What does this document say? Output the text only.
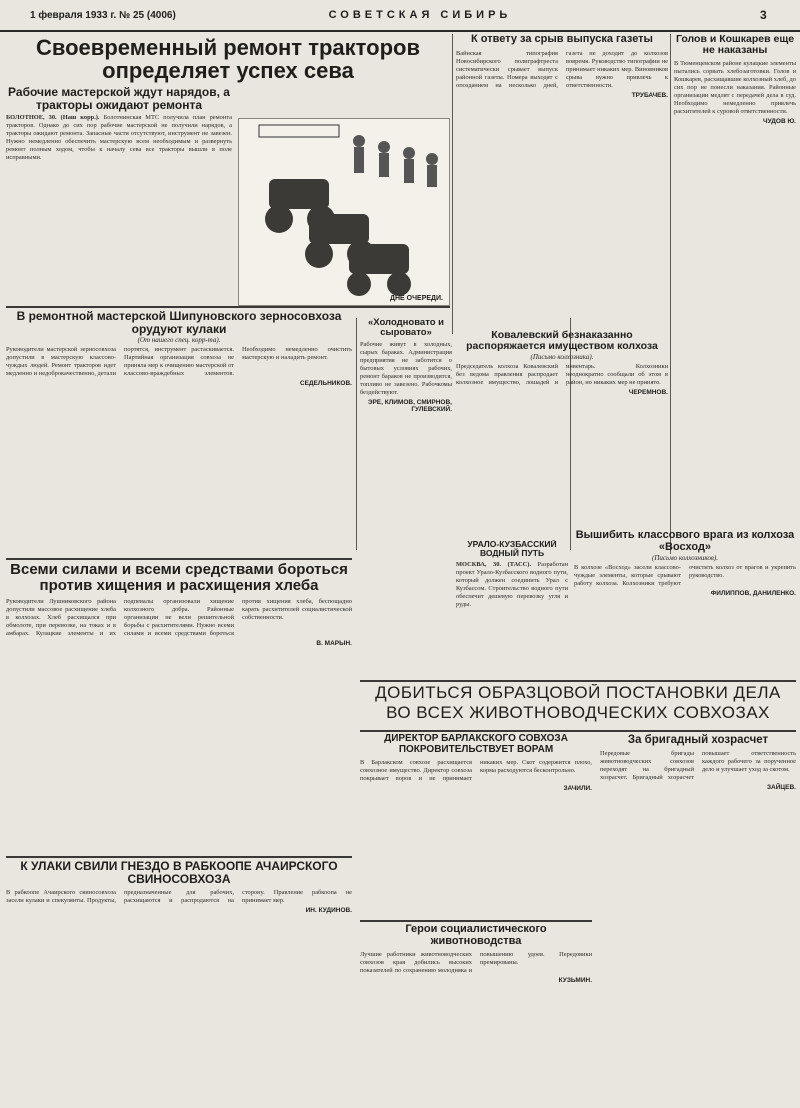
1 февраля 1933 г. № 25 (4006)	СОВЕТСКАЯ СИБИРЬ	3
Своевременный ремонт тракторов определяет успех сева
Рабочие мастерской ждут нарядов, а тракторы ожидают ремонта
БОЛОТНОЕ, 30. (Наш корр.). Болотнинская МТС получила план ремонта тракторов. Однако до сих пор рабочие мастерской не получили нарядов, а тракторы ожидают ремонта. Запасные части отсутствуют, инструмент не завезен. Нужно немедленно обеспечить мастерскую всем необходимым и развернуть ремонт полным ходом, чтобы к началу сева все тракторы вышли в поле исправными.
ДНЕ ОЧЕРЕДИ.
В ремонтной мастерской Шипуновского зерносовхоза орудуют кулаки
(От нашего спец. корр-та).
Руководители мастерской зерносовхоза допустили в мастерскую классово-чуждых людей. Ремонт тракторов идет медленно и недоброкачественно, детали портятся, инструмент растаскивается. Партийная организация совхоза не приняла мер к очищению мастерской от классово-враждебных элементов. Необходимо немедленно очистить мастерскую и наладить ремонт.
СЕДЕЛЬНИКОВ.
«Холодновато и сыровато»
Рабочие живут в холодных, сырых бараках. Администрация предприятия не заботится о бытовых условиях рабочих, ремонт бараков не производится, топливо не завезено. Рабочкомы бездействуют.
ЭРЕ, КЛИМОВ, СМИРНОВ, ГУЛЕВСКИЙ.
К ответу за срыв выпуска газеты
Вайнская типография Новосибирского полиграфтреста систематически срывает выпуск районной газеты. Номера выходят с опозданием на несколько дней, газета не доходит до колхозов вовремя. Руководство типографии не принимает никаких мер. Виновников срыва нужно привлечь к ответственности.
ТРУБАЧЕВ.
Голов и Кошкарев еще не наказаны
В Тюменцевском районе кулацкие элементы пытались сорвать хлебозаготовки. Голов и Кошкарев, расхищавшие колхозный хлеб, до сих пор не понесли наказания. Районные организации медлят с передачей дела в суд. Необходимо немедленно привлечь расхитителей к суровой ответственности.
ЧУДОВ Ю.
Ковалевский безнаказанно распоряжается имуществом колхоза
(Письмо колхозника).
Председатель колхоза Ковалевский без ведома правления распродает колхозное имущество, лошадей и инвентарь. Колхозники неоднократно сообщали об этом в район, но никаких мер не принято.
ЧЕРЕМНОВ.
Вышибить классового врага из колхоза «Восход»
(Письмо колхозников).
В колхозе «Восход» засели классово-чуждые элементы, которые срывают работу колхоза. Колхозники требуют очистить колхоз от врагов и укрепить руководство.
ФИЛИППОВ, ДАНИЛЕНКО.
УРАЛО-КУЗБАССКИЙ ВОДНЫЙ ПУТЬ
МОСКВА, 30. (ТАСС). Разработан проект Урало-Кузбасского водного пути, который должен соединить Урал с Кузбассом. Строительство водного пути обеспечит дешевую перевозку угля и руды.
Всеми силами и всеми средствами бороться против хищения и расхищения хлеба
Руководители Лушниковского района допустили массовое расхищение хлеба в колхозах. Хлеб расхищался при обмолоте, при перевозке, на токах и в амбарах. Кулацкие элементы и их подпевалы организовали хищение колхозного добра. Районные организации не вели решительной борьбы с расхитителями. Нужно всеми силами и всеми средствами бороться против хищения хлеба, беспощадно карать расхитителей социалистической собственности.
В. МАРЫН.
К УЛАКИ СВИЛИ ГНЕЗДО В РАБКООПЕ АЧАИРСКОГО СВИНОСОВХОЗА
В рабкоопе Ачаирского свиносовхоза засели кулаки и спекулянты. Продукты, предназначенные для рабочих, расхищаются и распродаются на сторону. Правление рабкоопа не принимает мер.
ИН. КУДИНОВ.
ДОБИТЬСЯ ОБРАЗЦОВОЙ ПОСТАНОВКИ ДЕЛА
ВО ВСЕХ ЖИВОТНОВОДЧЕСКИХ СОВХОЗАХ
ДИРЕКТОР БАРЛАКСКОГО СОВХОЗА ПОКРОВИТЕЛЬСТВУЕТ ВОРАМ
В Барлакском совхозе расхищается совхозное имущество. Директор совхоза покрывает воров и не принимает никаких мер. Скот содержится плохо, корма расходуются бесконтрольно.
ЗАЧИЛИ.
За бригадный хозрасчет
Передовые бригады животноводческих совхозов переходят на бригадный хозрасчет. Бригадный хозрасчет повышает ответственность каждого рабочего за порученное дело и улучшает уход за скотом.
ЗАЙЦЕВ.
Герои социалистического животноводства
Лучшие работники животноводческих совхозов края добились высоких показателей по сохранению молодняка и повышению удоев. Передовики премированы.
КУЗЬМИН.
